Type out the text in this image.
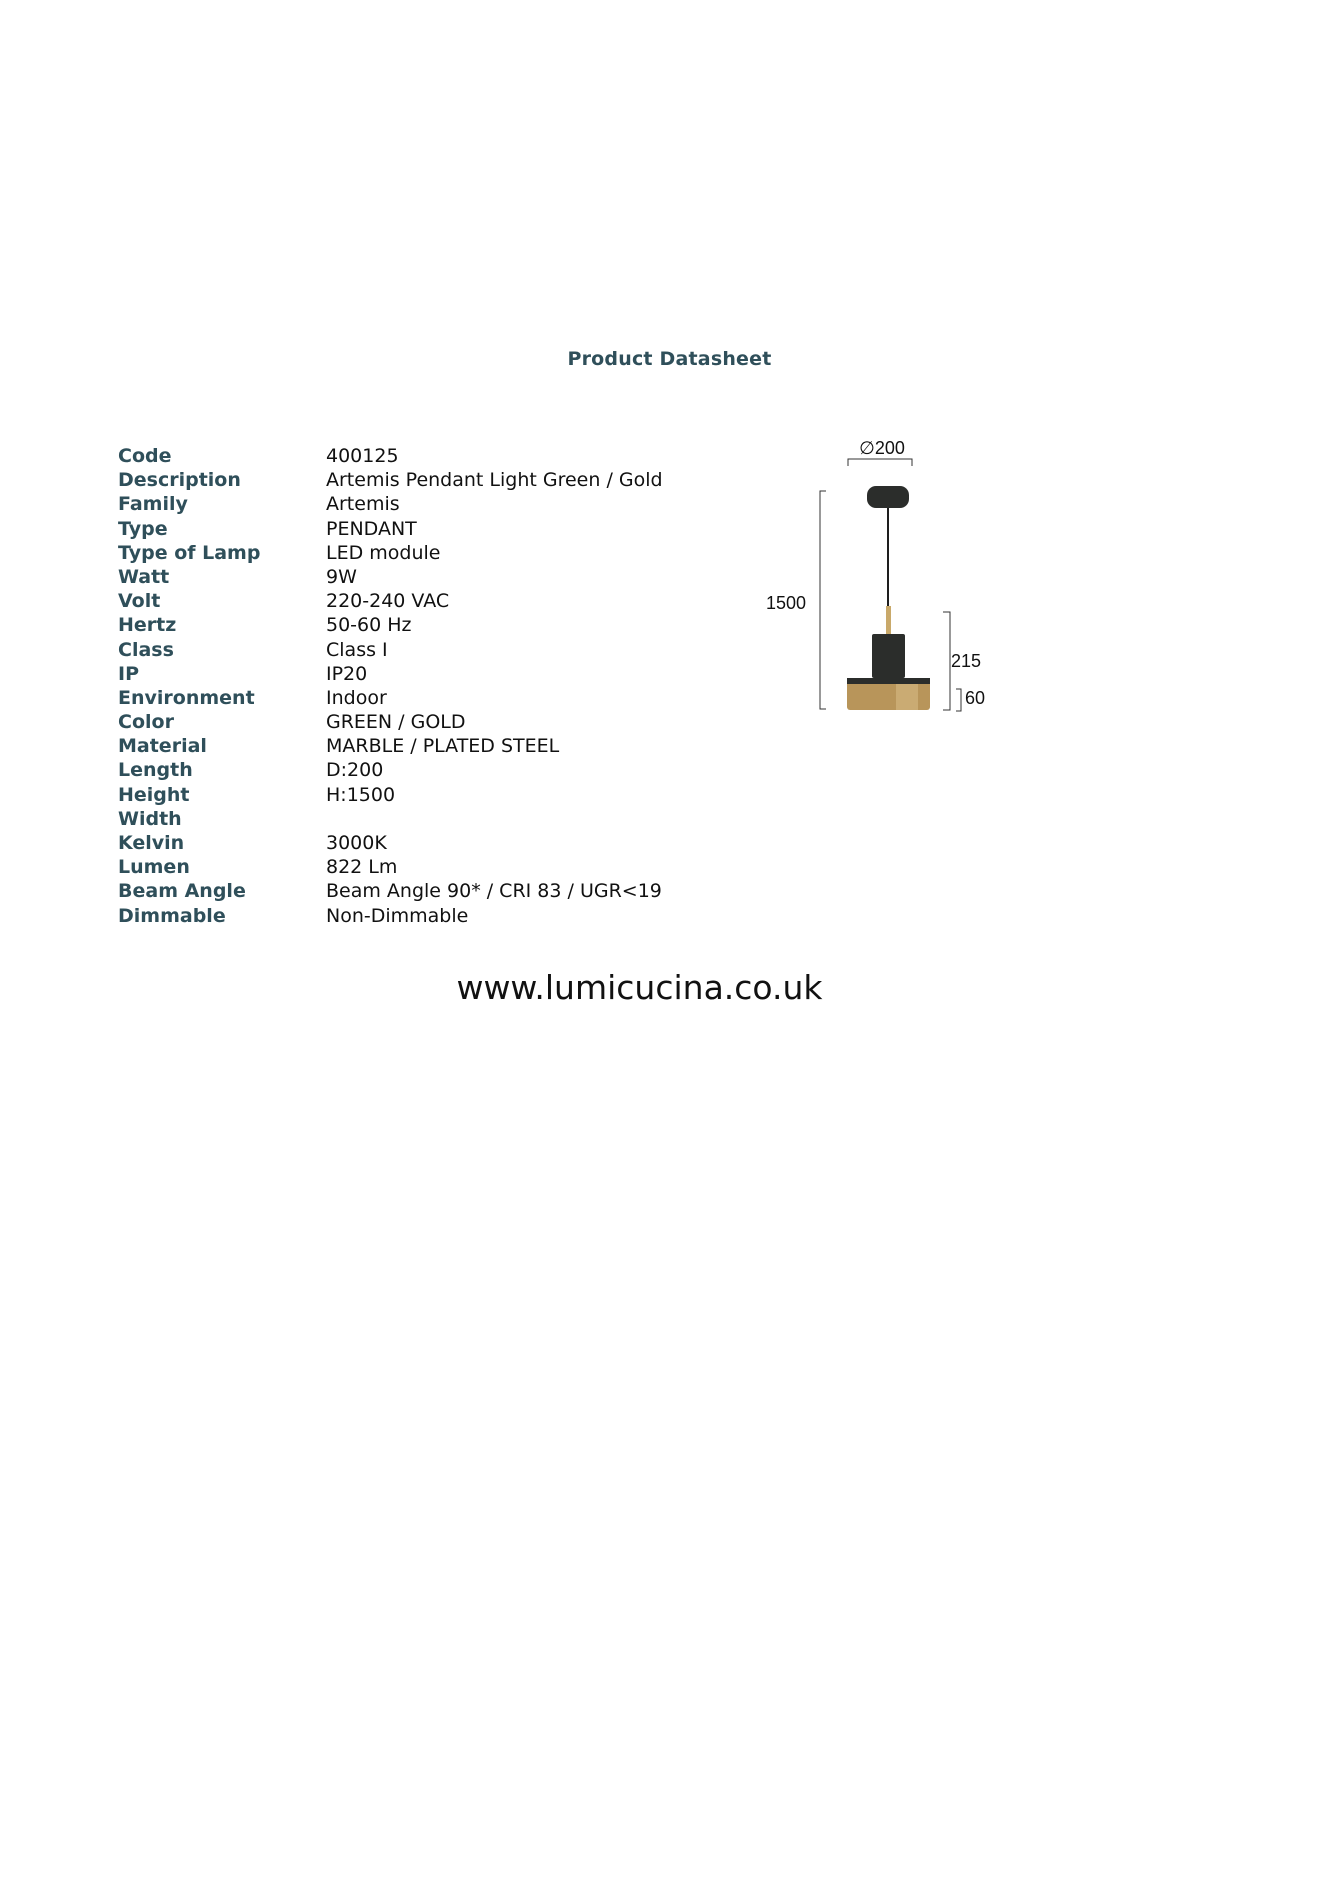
Product Datasheet
Code	400125
Description	Artemis Pendant Light Green / Gold
Family	Artemis
Type	PENDANT
Type of Lamp	LED module
Watt	9W
Volt	220-240 VAC
Hertz	50-60 Hz
Class	Class I
IP	IP20
Environment	Indoor
Color	GREEN / GOLD
Material	MARBLE / PLATED STEEL
Length	D:200
Height	H:1500
Width
Kelvin	3000K
Lumen	822 Lm
Beam Angle	Beam Angle 90* / CRI 83 / UGR<19
Dimmable	Non-Dimmable
∅200
1500
215
60
www.lumicucina.co.uk
